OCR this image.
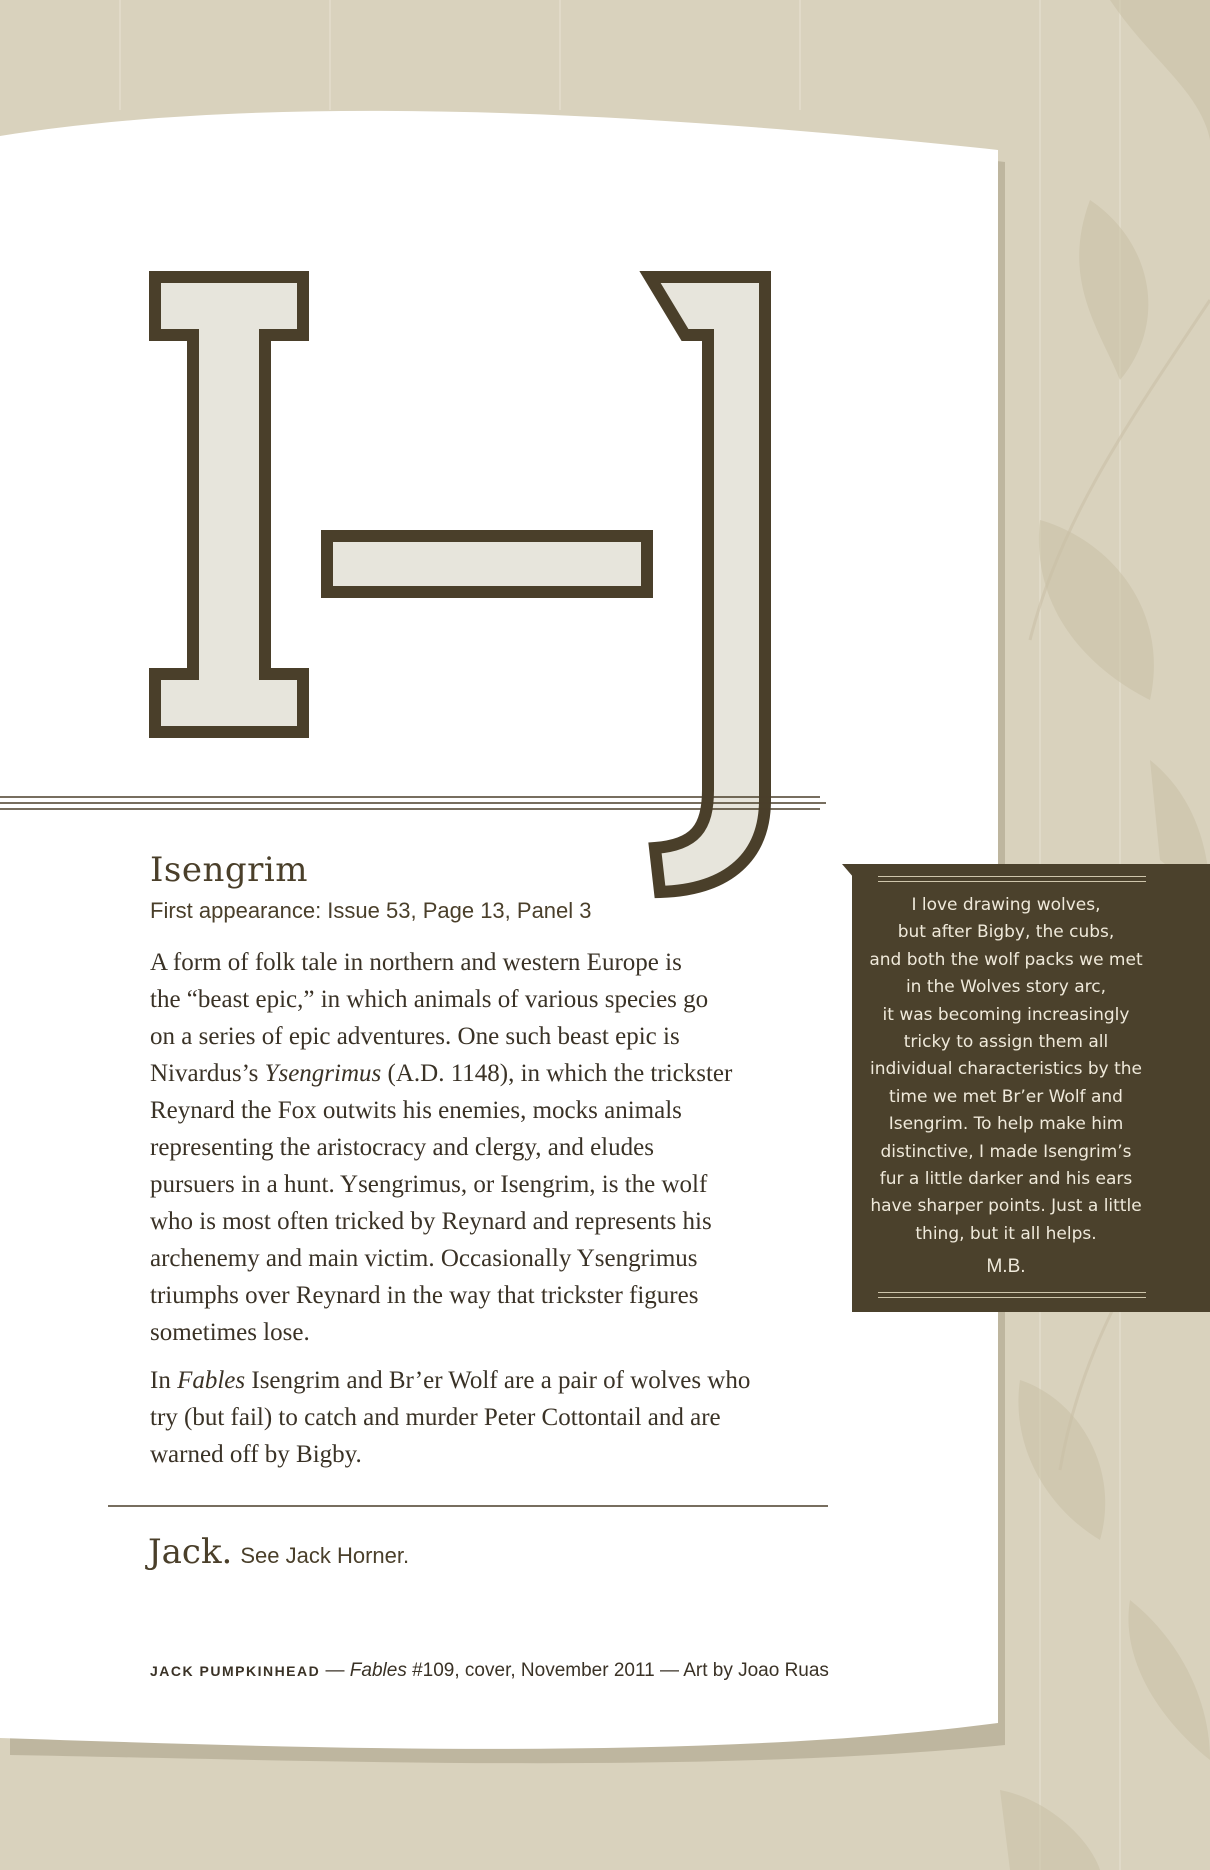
Isengrim
First appearance: Issue 53, Page 13, Panel 3

A form of folk tale in northern and western Europe is
the “beast epic,” in which animals of various species go
on a series of epic adventures. One such beast epic is
Nivardus’s Ysengrimus (A.D. 1148), in which the trickster
Reynard the Fox outwits his enemies, mocks animals
representing the aristocracy and clergy, and eludes
pursuers in a hunt. Ysengrimus, or Isengrim, is the wolf
who is most often tricked by Reynard and represents his
archenemy and main victim. Occasionally Ysengrimus
triumphs over Reynard in the way that trickster figures
sometimes lose.

In Fables Isengrim and Br’er Wolf are a pair of wolves who
try (but fail) to catch and murder Peter Cottontail and are
warned off by Bigby.

Jack. See Jack Horner.
JACK PUMPKINHEAD — Fables #109, cover, November 2011 — Art by Joao Ruas
I love drawing wolves,
but after Bigby, the cubs,
and both the wolf packs we met
in the Wolves story arc,
it was becoming increasingly
tricky to assign them all
individual characteristics by the
time we met Br’er Wolf and
Isengrim. To help make him
distinctive, I made Isengrim’s
fur a little darker and his ears
have sharper points. Just a little
thing, but it all helps.
M.B.
